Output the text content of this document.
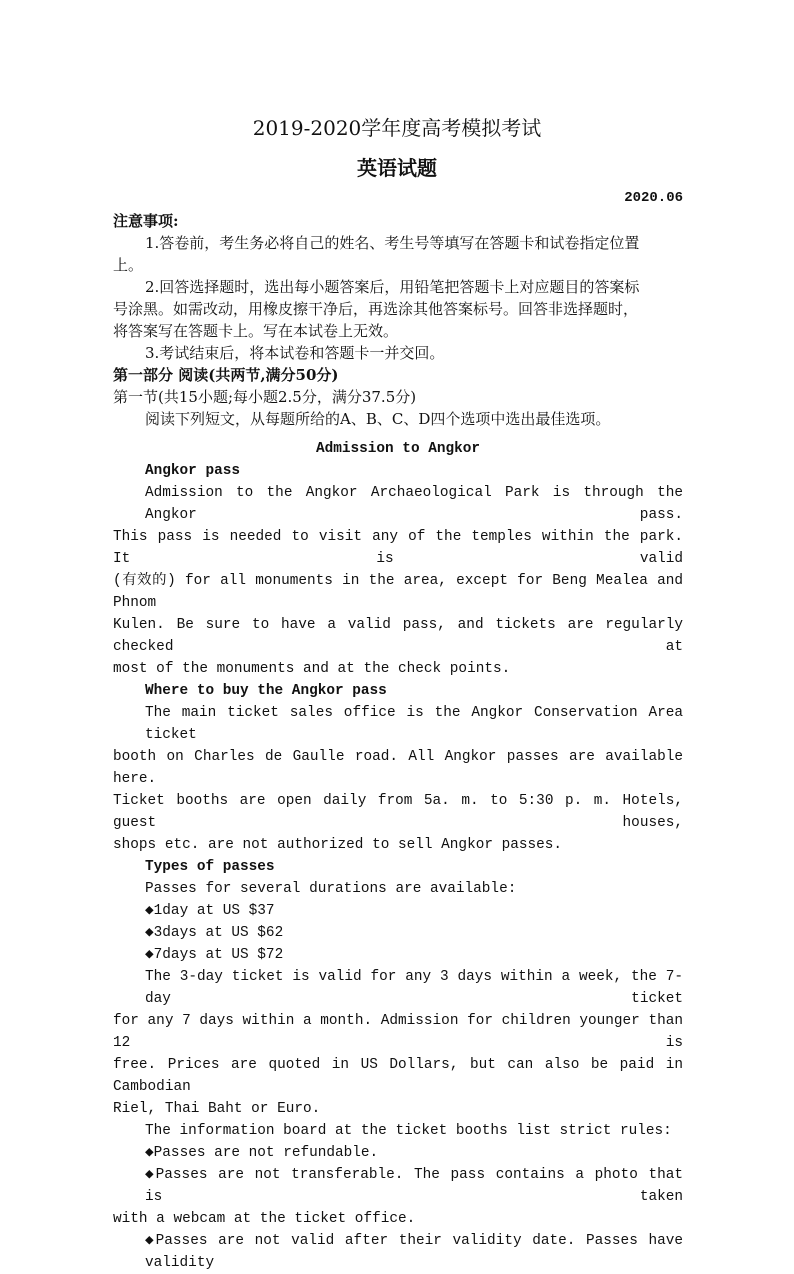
2019-2020学年度高考模拟考试
英语试题
2020.06
注意事项:
1.答卷前，考生务必将自己的姓名、考生号等填写在答题卡和试卷指定位置
上。
2.回答选择题时，选出每小题答案后，用铅笔把答题卡上对应题目的答案标
号涂黑。如需改动，用橡皮擦干净后，再选涂其他答案标号。回答非选择题时，
将答案写在答题卡上。写在本试卷上无效。
3.考试结束后，将本试卷和答题卡一并交回。
第一部分 阅读(共两节,满分50分)
第一节(共15小题;每小题2.5分，满分37.5分)
阅读下列短文，从每题所给的A、B、C、D四个选项中选出最佳选项。
Admission to Angkor
Angkor pass
Admission to the Angkor Archaeological Park is through the Angkor pass.
This pass is needed to visit any of the temples within the park. It is valid
(有效的) for all monuments in the area, except for Beng Mealea and Phnom
Kulen. Be sure to have a valid pass, and tickets are regularly checked at
most of the monuments and at the check points.
Where to buy the Angkor pass
The main ticket sales office is the Angkor Conservation Area ticket
booth on Charles de Gaulle road. All Angkor passes are available here.
Ticket booths are open daily from 5a. m. to 5:30 p. m. Hotels, guest houses,
shops etc. are not authorized to sell Angkor passes.
Types of passes
Passes for several durations are available:
◆1day at US $37
◆3days at US $62
◆7days at US $72
The 3-day ticket is valid for any 3 days within a week, the 7-day ticket
for any 7 days within a month. Admission for children younger than 12 is
free. Prices are quoted in US Dollars, but can also be paid in Cambodian
Riel, Thai Baht or Euro.
The information board at the ticket booths list strict rules:
◆Passes are not refundable.
◆Passes are not transferable. The pass contains a photo that is taken
with a webcam at the ticket office.
◆Passes are not valid after their validity date. Passes have validity
